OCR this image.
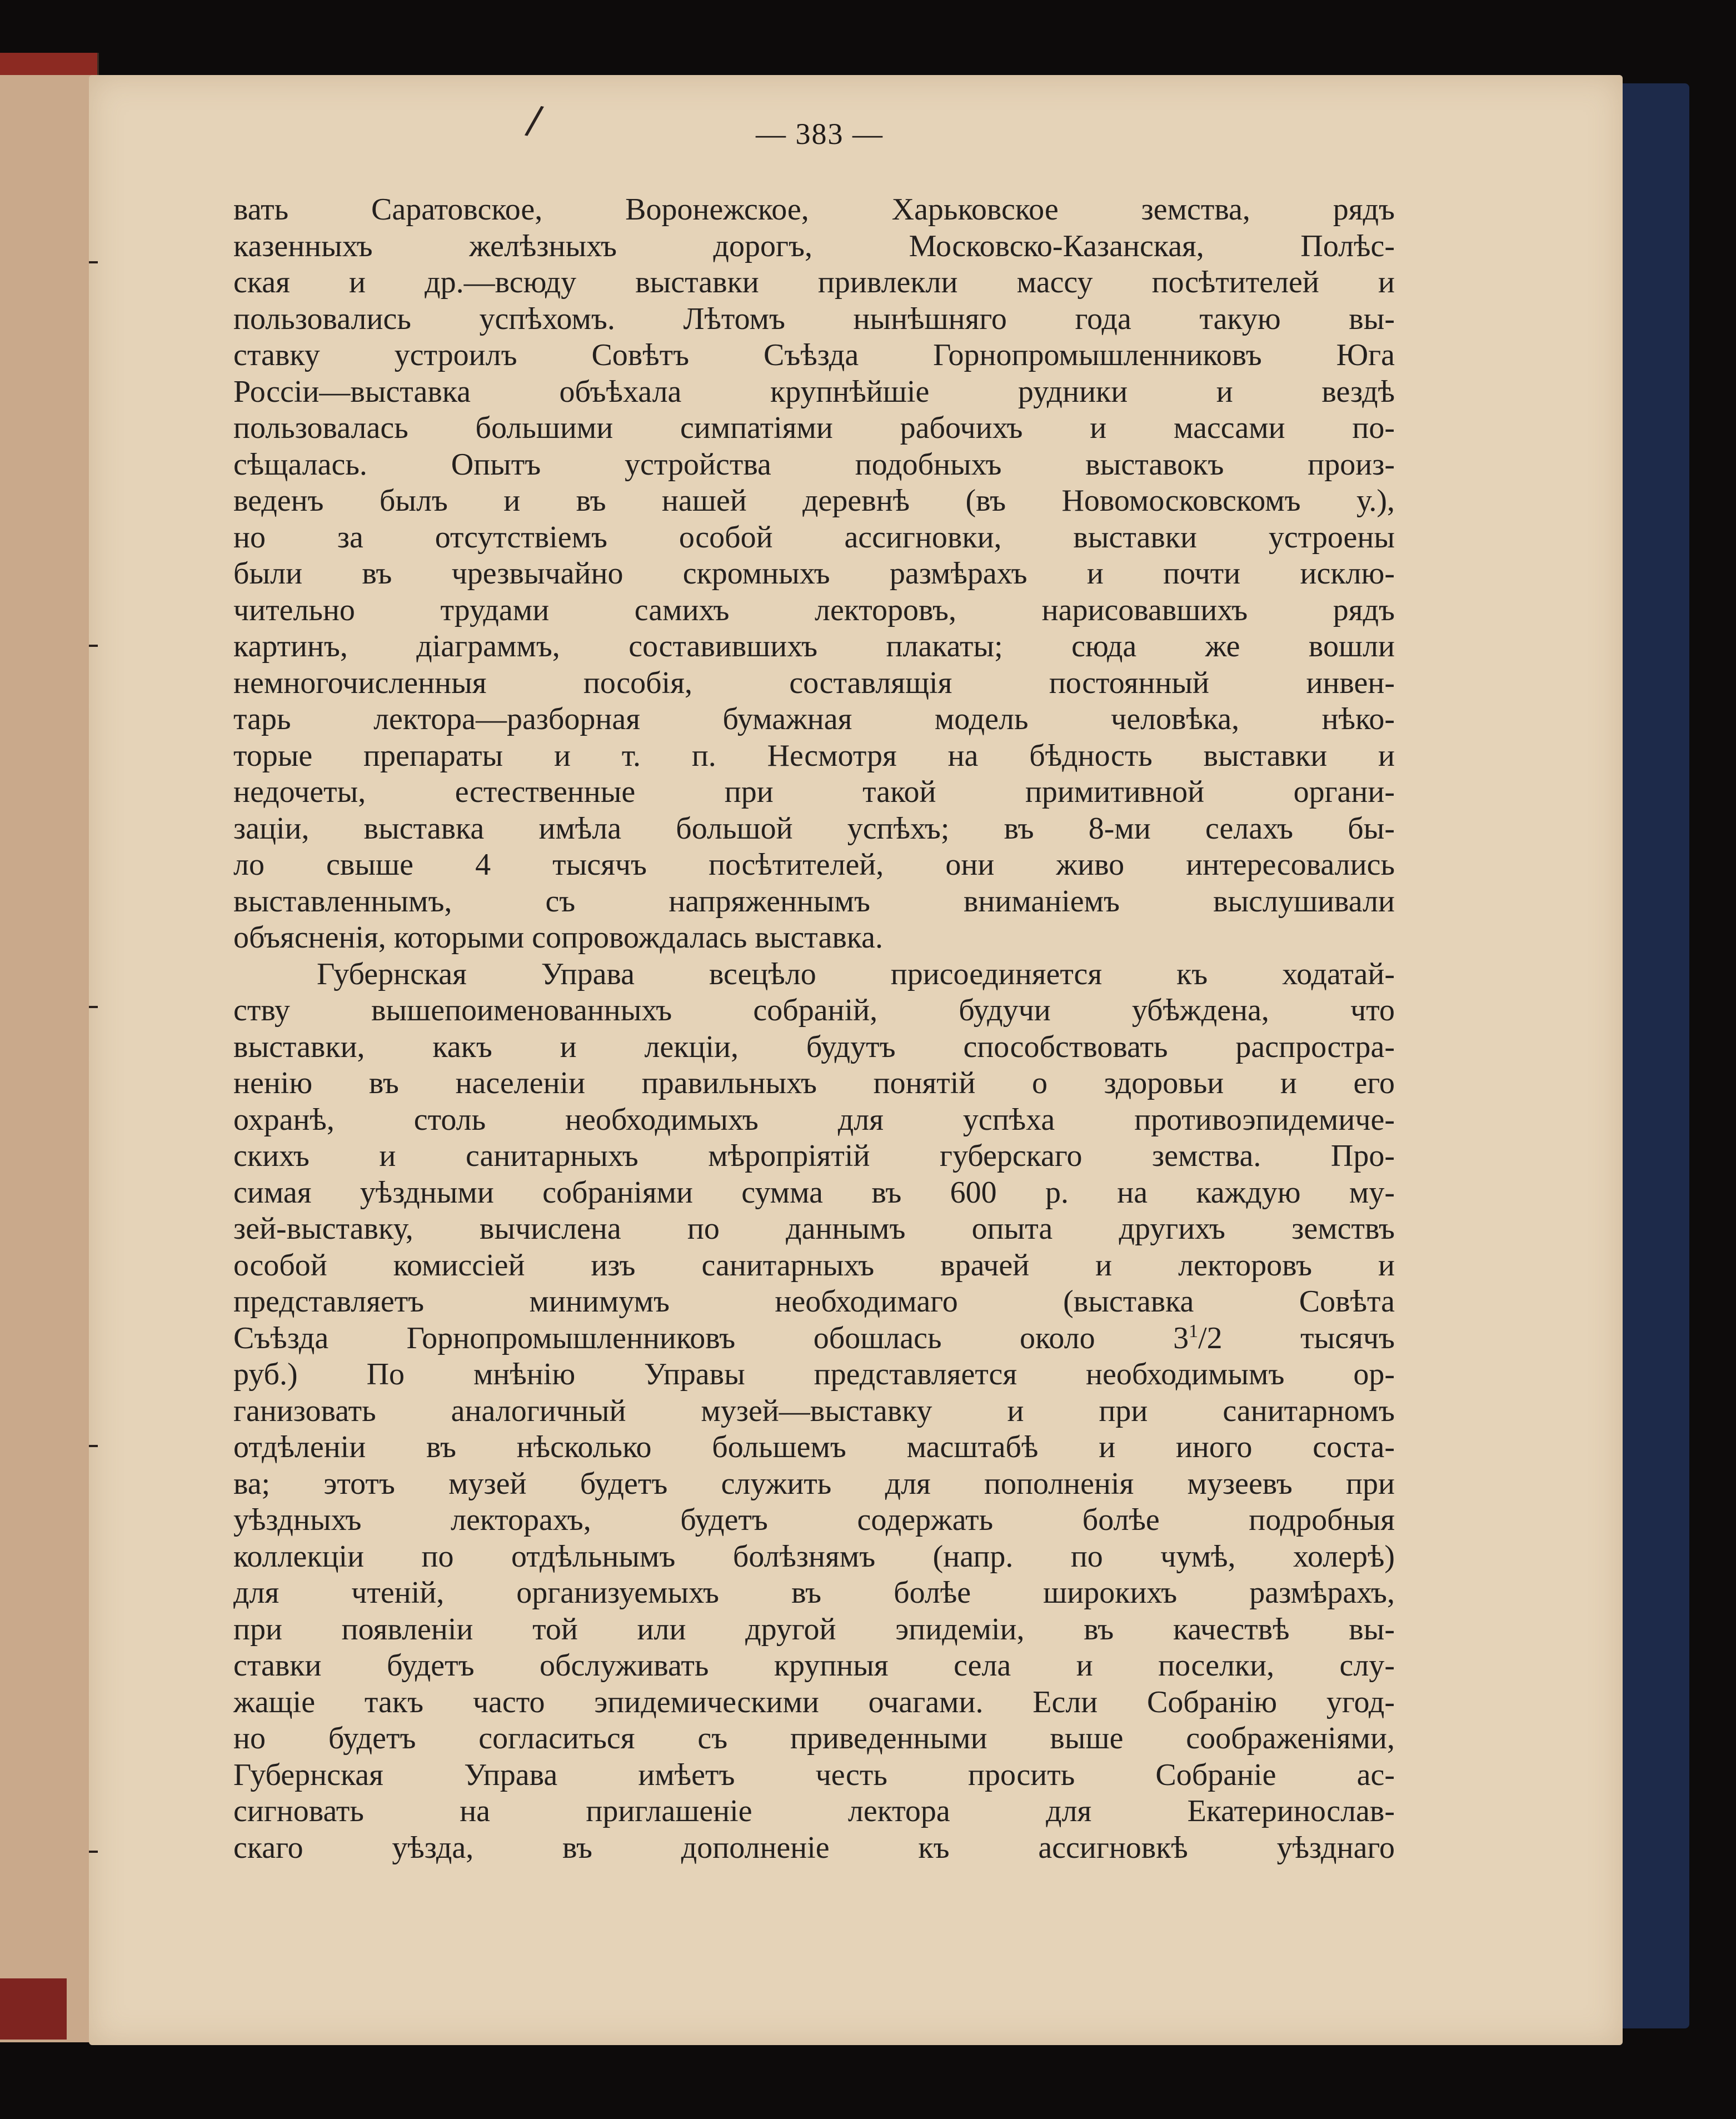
/	— 383 —
вать Саратовское, Воронежское, Харьковское земства, рядъ
казенныхъ желѣзныхъ дорогъ, Московско-Казанская, Полѣс-
ская и др.—всюду выставки привлекли массу посѣтителей и
пользовались успѣхомъ. Лѣтомъ нынѣшняго года такую вы-
ставку устроилъ Совѣтъ Съѣзда Горнопромышленниковъ Юга
Россіи—выставка объѣхала крупнѣйшіе рудники и вездѣ
пользовалась большими симпатіями рабочихъ и массами по-
сѣщалась. Опытъ устройства подобныхъ выставокъ произ-
веденъ былъ и въ нашей деревнѣ (въ Новомосковскомъ у.),
но за отсутствіемъ особой ассигновки, выставки устроены
были въ чрезвычайно скромныхъ размѣрахъ и почти исклю-
чительно трудами самихъ лекторовъ, нарисовавшихъ рядъ
картинъ, діаграммъ, составившихъ плакаты; сюда же вошли
немногочисленныя пособія, составлящія постоянный инвен-
тарь лектора—разборная бумажная модель человѣка, нѣко-
торые препараты и т. п. Несмотря на бѣдность выставки и
недочеты, естественные при такой примитивной органи-
заціи, выставка имѣла большой успѣхъ; въ 8-ми селахъ бы-
ло свыше 4 тысячъ посѣтителей, они живо интересовались
выставленнымъ, съ напряженнымъ вниманіемъ выслушивали
объясненія, которыми сопровождалась выставка.
Губернская Управа всецѣло присоединяется къ ходатай-
ству вышепоименованныхъ собраній, будучи убѣждена, что
выставки, какъ и лекціи, будутъ способствовать распростра-
ненію въ населеніи правильныхъ понятій о здоровьи и его
охранѣ, столь необходимыхъ для успѣха противоэпидемиче-
скихъ и санитарныхъ мѣропріятій губерскаго земства. Про-
симая уѣздными собраніями сумма въ 600 р. на каждую му-
зей-выставку, вычислена по даннымъ опыта другихъ земствъ
особой комиссіей изъ санитарныхъ врачей и лекторовъ и
представляетъ минимумъ необходимаго (выставка Совѣта
Съѣзда Горнопромышленниковъ обошлась около $3^1/2$ тысячъ
руб.) По мнѣнію Управы представляется необходимымъ ор-
ганизовать аналогичный музей—выставку и при санитарномъ
отдѣленіи въ нѣсколько большемъ масштабѣ и иного соста-
ва; этотъ музей будетъ служить для пополненія музеевъ при
уѣздныхъ лекторахъ, будетъ содержать болѣе подробныя
коллекціи по отдѣльнымъ болѣзнямъ (напр. по чумѣ, холерѣ)
для чтеній, организуемыхъ въ болѣе широкихъ размѣрахъ,
при появленіи той или другой эпидеміи, въ качествѣ вы-
ставки будетъ обслуживать крупныя села и поселки, слу-
жащіе такъ часто эпидемическими очагами. Если Собранію угод-
но будетъ согласиться съ приведенными выше соображеніями,
Губернская Управа имѣетъ честь просить Собраніе ас-
сигновать на приглашеніе лектора для Екатеринослав-
скаго уѣзда, въ дополненіе къ ассигновкѣ уѣзднаго
